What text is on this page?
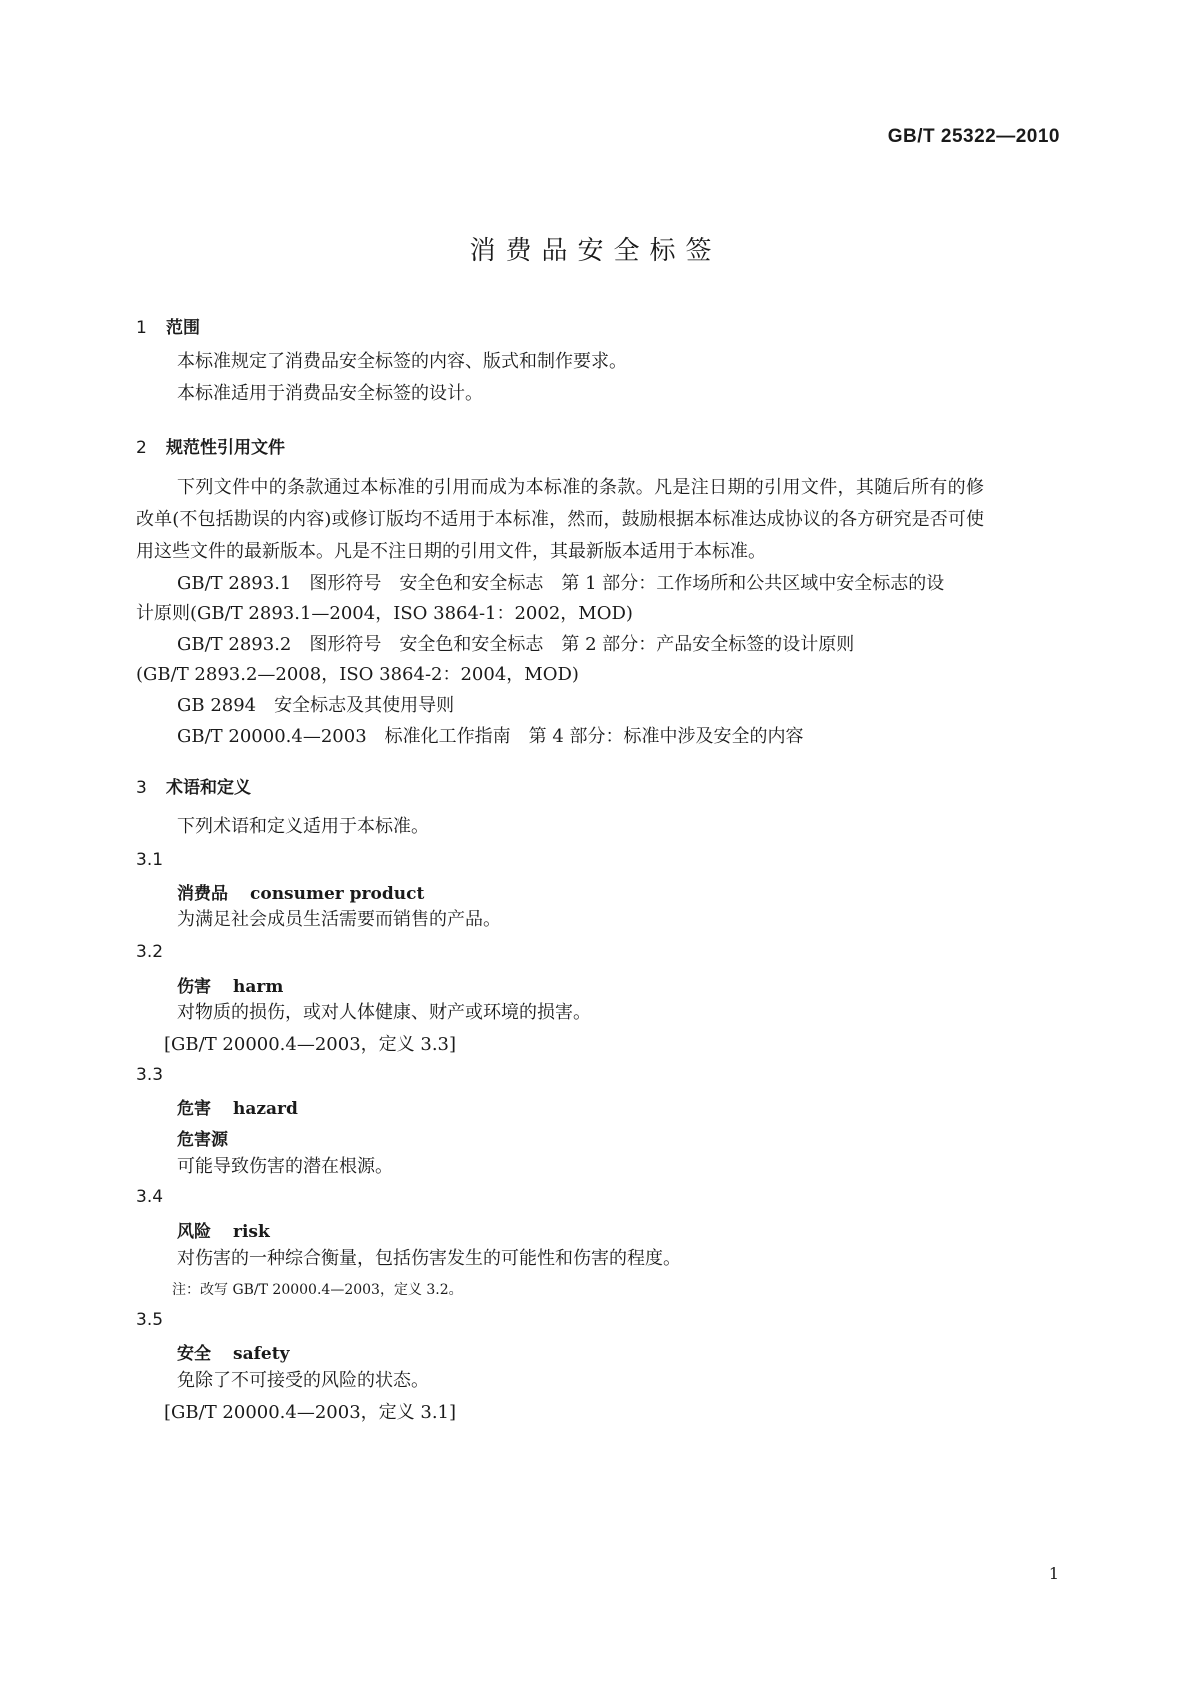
GB/T 25322—2010
消费品安全标签
1 范围
本标准规定了消费品安全标签的内容、版式和制作要求。
本标准适用于消费品安全标签的设计。
2 规范性引用文件
下列文件中的条款通过本标准的引用而成为本标准的条款。凡是注日期的引用文件，其随后所有的修改单(不包括勘误的内容)或修订版均不适用于本标准，然而，鼓励根据本标准达成协议的各方研究是否可使用这些文件的最新版本。凡是不注日期的引用文件，其最新版本适用于本标准。
GB/T 2893.1　图形符号　安全色和安全标志　第 1 部分：工作场所和公共区域中安全标志的设
计原则(GB/T 2893.1—2004，ISO 3864-1：2002，MOD)
GB/T 2893.2　图形符号　安全色和安全标志　第 2 部分：产品安全标签的设计原则
(GB/T 2893.2—2008，ISO 3864-2：2004，MOD)
GB 2894　安全标志及其使用导则
GB/T 20000.4—2003　标准化工作指南　第 4 部分：标准中涉及安全的内容
3 术语和定义
下列术语和定义适用于本标准。
3.1
消费品 consumer product
为满足社会成员生活需要而销售的产品。
3.2
伤害 harm
对物质的损伤，或对人体健康、财产或环境的损害。
[GB/T 20000.4—2003，定义 3.3]
3.3
危害 hazard
危害源
可能导致伤害的潜在根源。
3.4
风险 risk
对伤害的一种综合衡量，包括伤害发生的可能性和伤害的程度。
注：改写 GB/T 20000.4—2003，定义 3.2。
3.5
安全 safety
免除了不可接受的风险的状态。
[GB/T 20000.4—2003，定义 3.1]
1
